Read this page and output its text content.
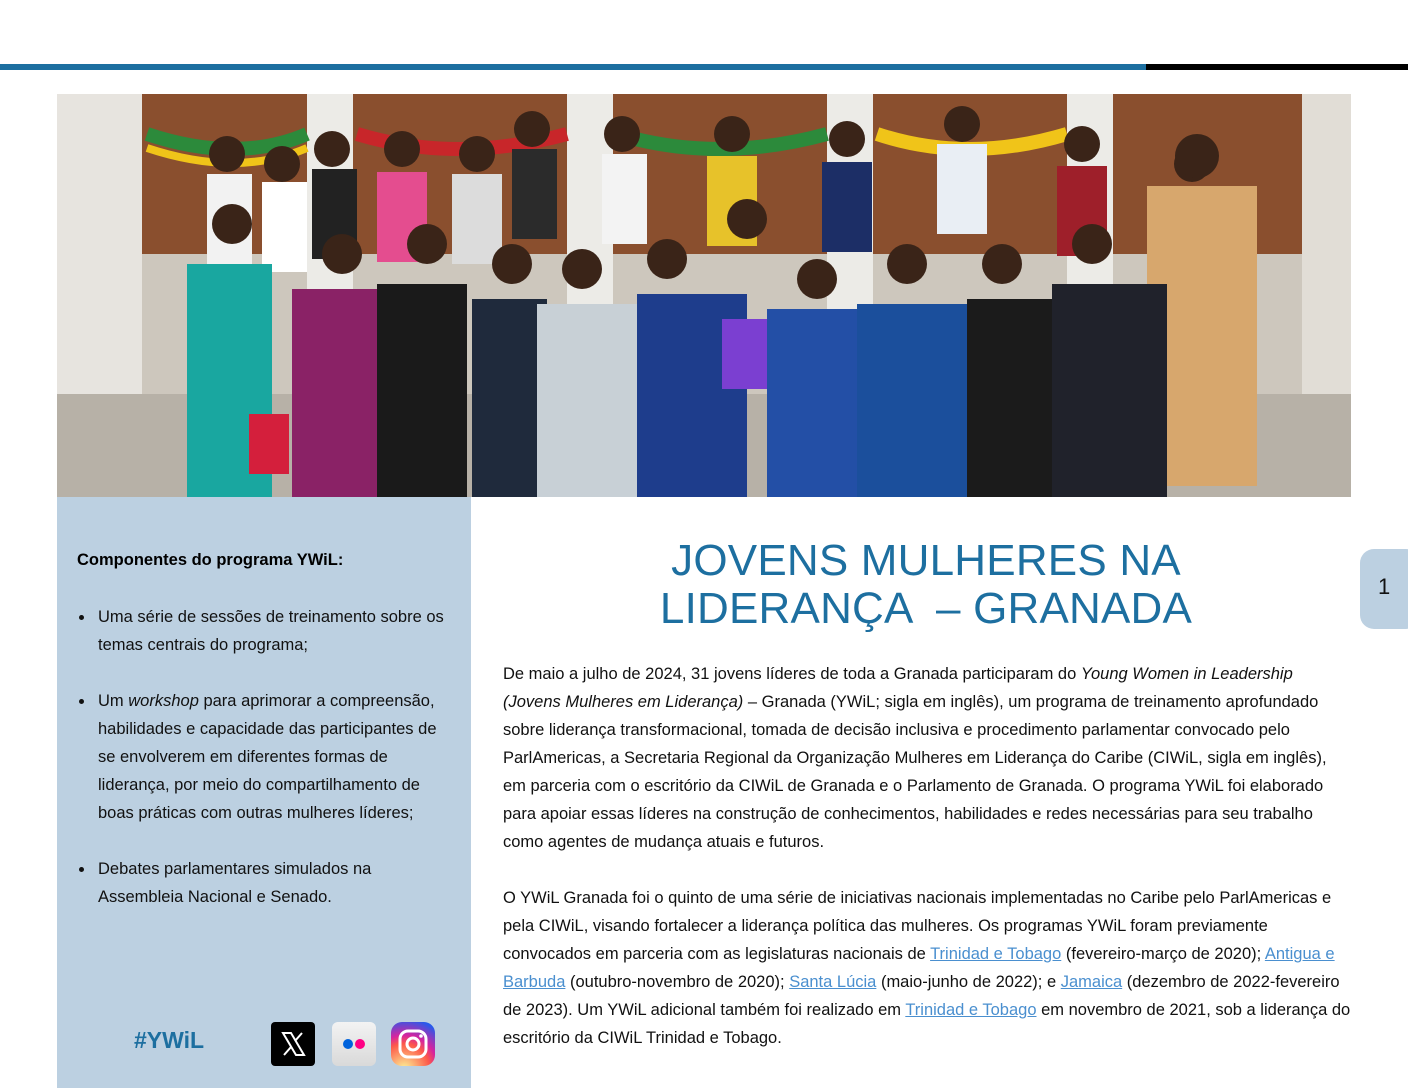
Componentes do programa YWiL:
Uma série de sessões de treinamento sobre os temas centrais do programa;
Um workshop para aprimorar a compreensão, habilidades e capacidade das participantes de se envolverem em diferentes formas de liderança, por meio do compartilhamento de boas práticas com outras mulheres líderes;
Debates parlamentares simulados na Assembleia Nacional e Senado.
#YWiL
JOVENS MULHERES NA
LIDERANÇA  – GRANADA

De maio a julho de 2024, 31 jovens líderes de toda a Granada participaram do Young Women in Leadership (Jovens Mulheres em Liderança) – Granada (YWiL; sigla em inglês), um programa de treinamento aprofundado sobre liderança transformacional, tomada de decisão inclusiva e procedimento parlamentar convocado pelo ParlAmericas, a Secretaria Regional da Organização Mulheres em Liderança do Caribe (CIWiL, sigla em inglês), em parceria com o escritório da CIWiL de Granada e o Parlamento de Granada. O programa YWiL foi elaborado para apoiar essas líderes na construção de conhecimentos, habilidades e redes necessárias para seu trabalho como agentes de mudança atuais e futuros.

O YWiL Granada foi o quinto de uma série de iniciativas nacionais implementadas no Caribe pelo ParlAmericas e pela CIWiL, visando fortalecer a liderança política das mulheres. Os programas YWiL foram previamente convocados em parceria com as legislaturas nacionais de Trinidad e Tobago (fevereiro-março de 2020); Antigua e Barbuda (outubro-novembro de 2020); Santa Lúcia (maio-junho de 2022); e Jamaica (dezembro de 2022-fevereiro de 2023). Um YWiL adicional também foi realizado em Trinidad e Tobago em novembro de 2021, sob a liderança do escritório da CIWiL Trinidad e Tobago.

1
